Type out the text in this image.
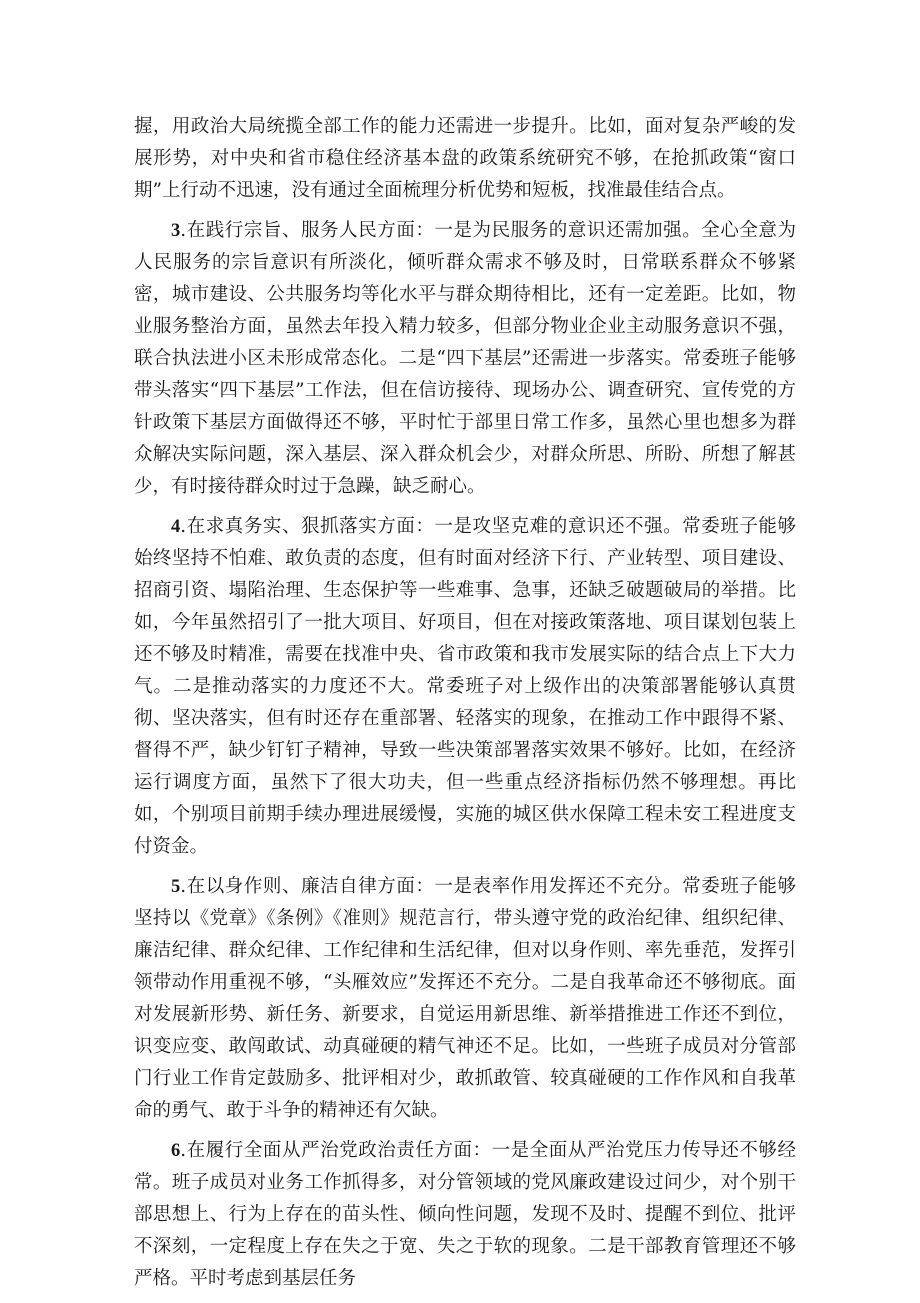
握，用政治大局统揽全部工作的能力还需进一步提升。比如，面对复杂严峻的发展形势，对中央和省市稳住经济基本盘的政策系统研究不够，在抢抓政策“窗口期”上行动不迅速，没有通过全面梳理分析优势和短板，找准最佳结合点。

3.在践行宗旨、服务人民方面：一是为民服务的意识还需加强。全心全意为人民服务的宗旨意识有所淡化，倾听群众需求不够及时，日常联系群众不够紧密，城市建设、公共服务均等化水平与群众期待相比，还有一定差距。比如，物业服务整治方面，虽然去年投入精力较多，但部分物业企业主动服务意识不强，联合执法进小区未形成常态化。二是“四下基层”还需进一步落实。常委班子能够带头落实“四下基层”工作法，但在信访接待、现场办公、调查研究、宣传党的方针政策下基层方面做得还不够，平时忙于部里日常工作多，虽然心里也想多为群众解决实际问题，深入基层、深入群众机会少，对群众所思、所盼、所想了解甚少，有时接待群众时过于急躁，缺乏耐心。

4.在求真务实、狠抓落实方面：一是攻坚克难的意识还不强。常委班子能够始终坚持不怕难、敢负责的态度，但有时面对经济下行、产业转型、项目建设、招商引资、塌陷治理、生态保护等一些难事、急事，还缺乏破题破局的举措。比如，今年虽然招引了一批大项目、好项目，但在对接政策落地、项目谋划包装上还不够及时精准，需要在找准中央、省市政策和我市发展实际的结合点上下大力气。二是推动落实的力度还不大。常委班子对上级作出的决策部署能够认真贯彻、坚决落实，但有时还存在重部署、轻落实的现象，在推动工作中跟得不紧、督得不严，缺少钉钉子精神，导致一些决策部署落实效果不够好。比如，在经济运行调度方面，虽然下了很大功夫，但一些重点经济指标仍然不够理想。再比如，个别项目前期手续办理进展缓慢，实施的城区供水保障工程未安工程进度支付资金。

5.在以身作则、廉洁自律方面：一是表率作用发挥还不充分。常委班子能够坚持以《党章》《条例》《准则》规范言行，带头遵守党的政治纪律、组织纪律、廉洁纪律、群众纪律、工作纪律和生活纪律，但对以身作则、率先垂范，发挥引领带动作用重视不够，“头雁效应”发挥还不充分。二是自我革命还不够彻底。面对发展新形势、新任务、新要求，自觉运用新思维、新举措推进工作还不到位，识变应变、敢闯敢试、动真碰硬的精气神还不足。比如，一些班子成员对分管部门行业工作肯定鼓励多、批评相对少，敢抓敢管、较真碰硬的工作作风和自我革命的勇气、敢于斗争的精神还有欠缺。

6.在履行全面从严治党政治责任方面：一是全面从严治党压力传导还不够经常。班子成员对业务工作抓得多，对分管领域的党风廉政建设过问少，对个别干部思想上、行为上存在的苗头性、倾向性问题，发现不及时、提醒不到位、批评不深刻，一定程度上存在失之于宽、失之于软的现象。二是干部教育管理还不够严格。平时考虑到基层任务
